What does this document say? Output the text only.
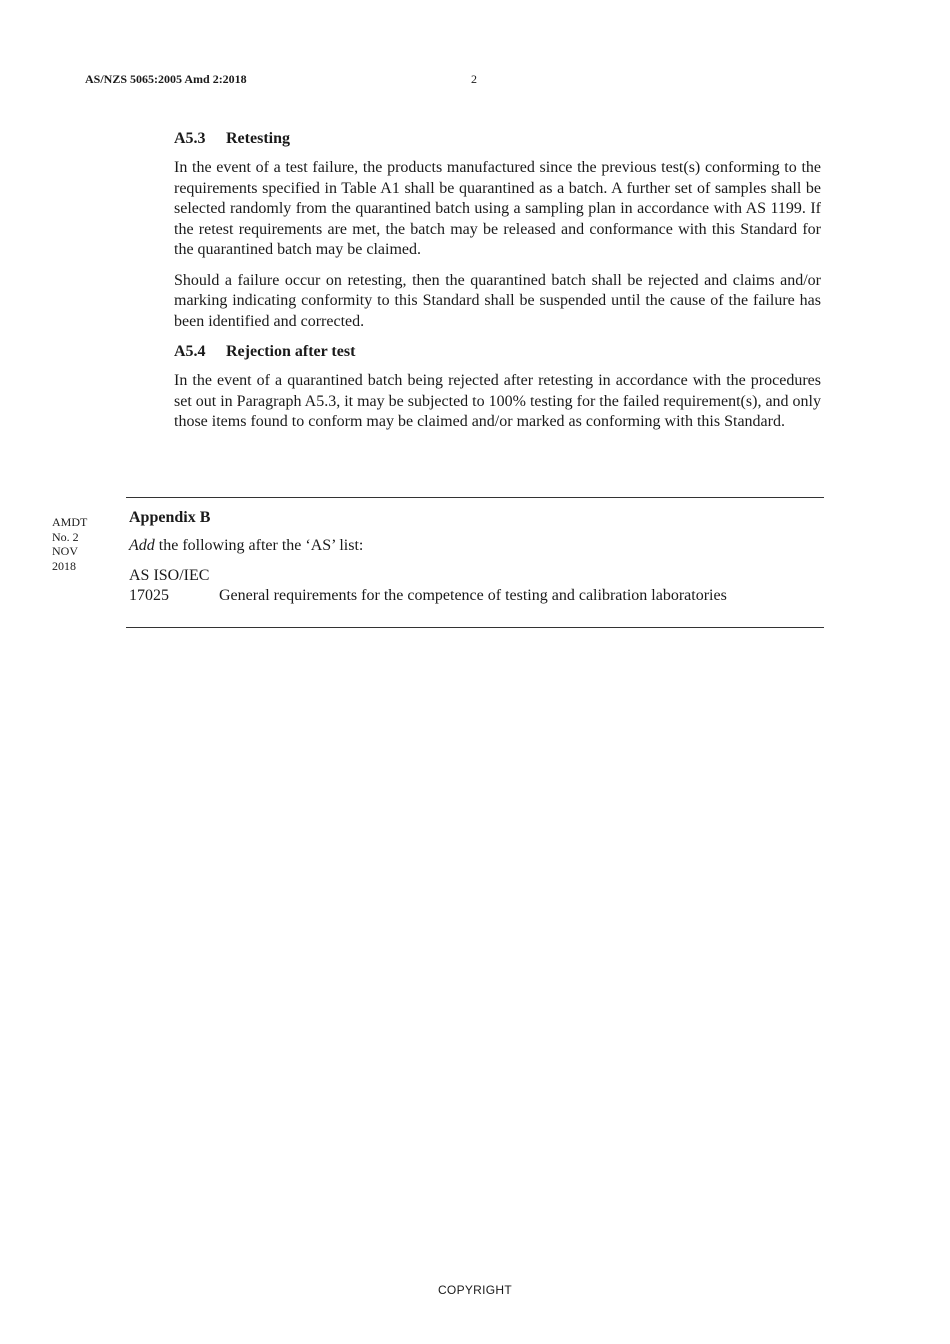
AS/NZS 5065:2005 Amd 2:2018	2
A5.3 Retesting

In the event of a test failure, the products manufactured since the previous test(s) conforming to the requirements specified in Table A1 shall be quarantined as a batch. A further set of samples shall be selected randomly from the quarantined batch using a sampling plan in accordance with AS 1199. If the retest requirements are met, the batch may be released and conformance with this Standard for the quarantined batch may be claimed.

Should a failure occur on retesting, then the quarantined batch shall be rejected and claims and/or marking indicating conformity to this Standard shall be suspended until the cause of the failure has been identified and corrected.

A5.4 Rejection after test

In the event of a quarantined batch being rejected after retesting in accordance with the procedures set out in Paragraph A5.3, it may be subjected to 100% testing for the failed requirement(s), and only those items found to conform may be claimed and/or marked as conforming with this Standard.

AMDT
No. 2
NOV
2018
Appendix B
Add the following after the ‘AS’ list:
AS ISO/IEC
17025	General requirements for the competence of testing and calibration laboratories
COPYRIGHT
